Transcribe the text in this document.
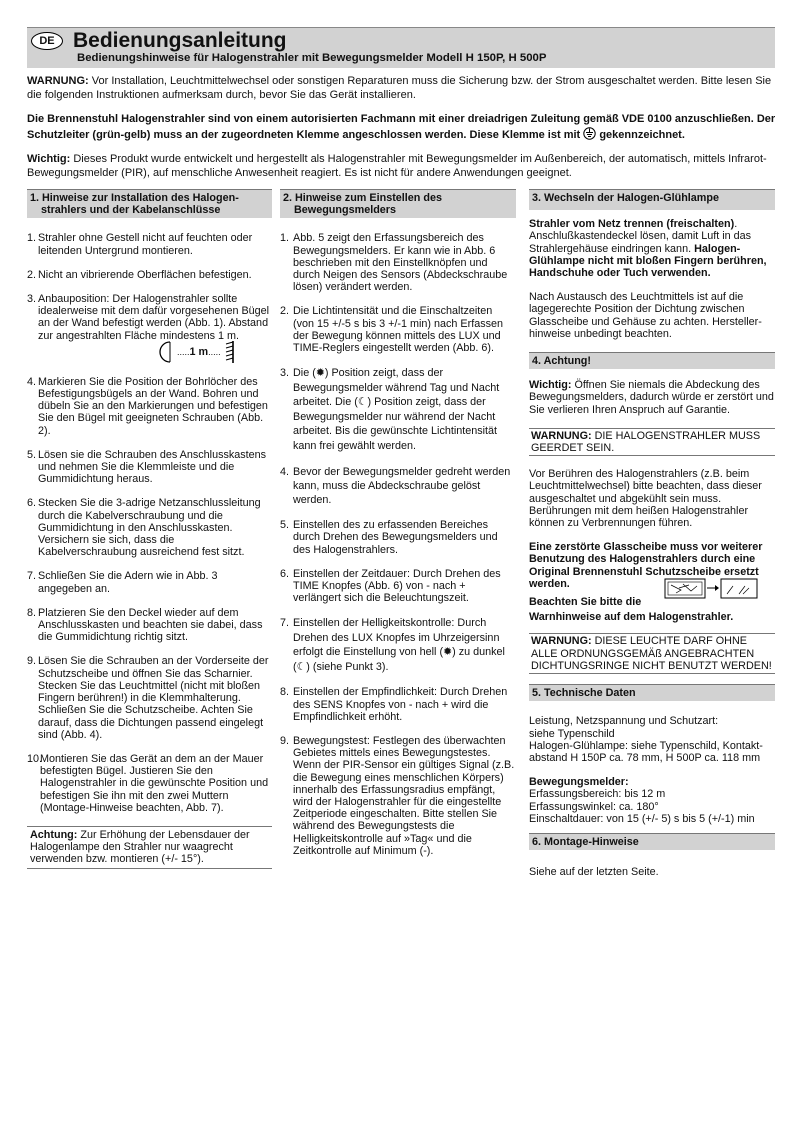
DE Bedienungsanleitung
Bedienungshinweise für Halogenstrahler mit Bewegungsmelder Modell H 150P, H 500P

WARNUNG: Vor Installation, Leuchtmittelwechsel oder sonstigen Reparaturen muss die Sicherung bzw. der Strom ausgeschaltet werden. Bitte lesen Sie die folgenden Instruktionen aufmerksam durch, bevor Sie das Gerät installieren.

Die Brennenstuhl Halogenstrahler sind von einem autorisierten Fachmann mit einer dreiadrigen Zuleitung gemäß VDE 0100 anzuschließen. Der Schutzleiter (grün-gelb) muss an der zugeordneten Klemme angeschlossen werden. Diese Klemme ist mit  gekennzeichnet.

Wichtig: Dieses Produkt wurde entwickelt und hergestellt als Halogenstrahler mit Bewegungsmelder im Außenbereich, der automatisch, mittels Infrarot-Bewegungsmelder (PIR), auf menschliche Anwesenheit reagiert. Es ist nicht für andere Anwendungen geeignet.

1. Hinweise zur Installation des Halogen-
strahlers und der Kabelanschlüsse
1. Strahler ohne Gestell nicht auf feuchten oder leitenden Untergrund montieren.
2. Nicht an vibrierende Oberflächen befestigen.
3. Anbauposition: Der Halogenstrahler sollte idealerweise mit dem dafür vorgesehenen Bügel an der Wand befestigt werden (Abb. 1). Abstand zur angestrahlten Fläche mindestens 1 m.
.....1 m.....
4. Markieren Sie die Position der Bohrlöcher des Befestigungsbügels an der Wand. Bohren und dübeln Sie an den Markierungen und befestigen Sie den Bügel mit geeigneten Schrauben (Abb. 2).
5. Lösen sie die Schrauben des Anschlusskastens und nehmen Sie die Klemmleiste und die Gummidichtung heraus.
6. Stecken Sie die 3-adrige Netzanschlussleitung durch die Kabelverschraubung und die Gummidichtung in den Anschlusskasten. Versichern sie sich, dass die Kabelverschraubung ausreichend fest sitzt.
7. Schließen Sie die Adern wie in Abb. 3 angegeben an.
8. Platzieren Sie den Deckel wieder auf dem Anschlusskasten und beachten sie dabei, dass die Gummidichtung richtig sitzt.
9. Lösen Sie die Schrauben an der Vorderseite der Schutzscheibe und öffnen Sie das Scharnier. Stecken Sie das Leuchtmittel (nicht mit bloßen Fingern berühren!) in die Klemmhalterung. Schließen Sie die Schutzscheibe. Achten Sie darauf, dass die Dichtungen passend eingelegt sind (Abb. 4).
10.
Montieren Sie das Gerät an dem an der Mauer befestigten Bügel. Justieren Sie den Halogenstrahler in die gewünschte Position und befestigen Sie ihn mit den zwei Muttern (Montage-Hinweise beachten, Abb. 7).
Achtung: Zur Erhöhung der Lebensdauer der Halogenlampe den Strahler nur waagrecht verwenden bzw. montieren (+/- 15°).
2. Hinweise zum Einstellen des
Bewegungsmelders
1. Abb. 5 zeigt den Erfassungsbereich des Bewegungsmelders. Er kann wie in Abb. 6 beschrieben mit den Einstellknöpfen und durch Neigen des Sensors (Abdeckschraube lösen) verändert werden.
2. Die Lichtintensität und die Einschaltzeiten (von 15 +/-5 s bis 3 +/-1 min) nach Erfassen der Bewegung können mittels des LUX und TIME-Reglers eingestellt werden (Abb. 6).
3. Die (✹) Position zeigt, dass der Bewegungsmelder während Tag und Nacht arbeitet. Die (☾) Position zeigt, dass der Bewegungsmelder nur während der Nacht arbeitet. Bis die gewünschte Lichtintensität kann frei gewählt werden.
4. Bevor der Bewegungsmelder gedreht werden kann, muss die Abdeckschraube gelöst werden.
5. Einstellen des zu erfassenden Bereiches durch Drehen des Bewegungsmelders und des Halogenstrahlers.
6. Einstellen der Zeitdauer: Durch Drehen des TIME Knopfes (Abb. 6) von - nach + verlängert sich die Beleuchtungszeit.
7. Einstellen der Helligkeitskontrolle: Durch Drehen des LUX Knopfes im Uhrzeigersinn erfolgt die Einstellung von hell (✹) zu dunkel (☾) (siehe Punkt 3).
8. Einstellen der Empfindlichkeit: Durch Drehen des SENS Knopfes von - nach + wird die Empfindlichkeit erhöht.
9. Bewegungstest: Festlegen des überwachten Gebietes mittels eines Bewegungstestes. Wenn der PIR-Sensor ein gültiges Signal (z.B. die Bewegung eines menschlichen Körpers) innerhalb des Erfassungsradius empfängt, wird der Halogenstrahler für die eingestellte Zeitperiode eingeschalten. Bitte stellen Sie während des Bewegungstests die Helligkeitskontrolle auf »Tag« und die Zeitkontrolle auf Minimum (-).
3. Wechseln der Halogen-Glühlampe

Strahler vom Netz trennen (freischalten). Anschlußkastendeckel lösen, damit Luft in das Strahlergehäuse eindringen kann. Halogen-Glühlampe nicht mit bloßen Fingern berühren, Handschuhe oder Tuch verwenden.

Nach Austausch des Leuchtmittels ist auf die lagegerechte Position der Dichtung zwischen Glasscheibe und Gehäuse zu achten. Hersteller-hinweise unbedingt beachten.

4. Achtung!

Wichtig: Öffnen Sie niemals die Abdeckung des Bewegungsmelders, dadurch würde er zerstört und Sie verlieren Ihren Anspruch auf Garantie.

WARNUNG: DIE HALOGENSTRAHLER MUSS GEERDET SEIN.

Vor Berühren des Halogenstrahlers (z.B. beim Leuchtmittelwechsel) bitte beachten, dass dieser ausgeschaltet und abgekühlt sein muss. Berührungen mit dem heißen Halogenstrahler können zu Verbrennungen führen.

Eine zerstörte Glasscheibe muss vor weiterer Benutzung des Halogenstrahlers durch eine Original Brennenstuhl Schutzscheibe ersetzt werden.

Beachten Sie bitte die
Warnhinweise auf dem Halogenstrahler.
WARNUNG: DIESE LEUCHTE DARF OHNE ALLE ORDNUNGSGEMÄß ANGEBRACHTEN DICHTUNGSRINGE NICHT BENUTZT WERDEN!
5. Technische Daten
Leistung, Netzspannung und Schutzart:
siehe Typenschild

Halogen-Glühlampe: siehe Typenschild, Kontakt-abstand H 150P ca. 78 mm, H 500P ca. 118 mm

Bewegungsmelder:
Erfassungsbereich: bis 12 m
Erfassungswinkel: ca. 180°
Einschaltdauer: von 15 (+/- 5) s bis 5 (+/-1) min
6. Montage-Hinweise
Siehe auf der letzten Seite.
